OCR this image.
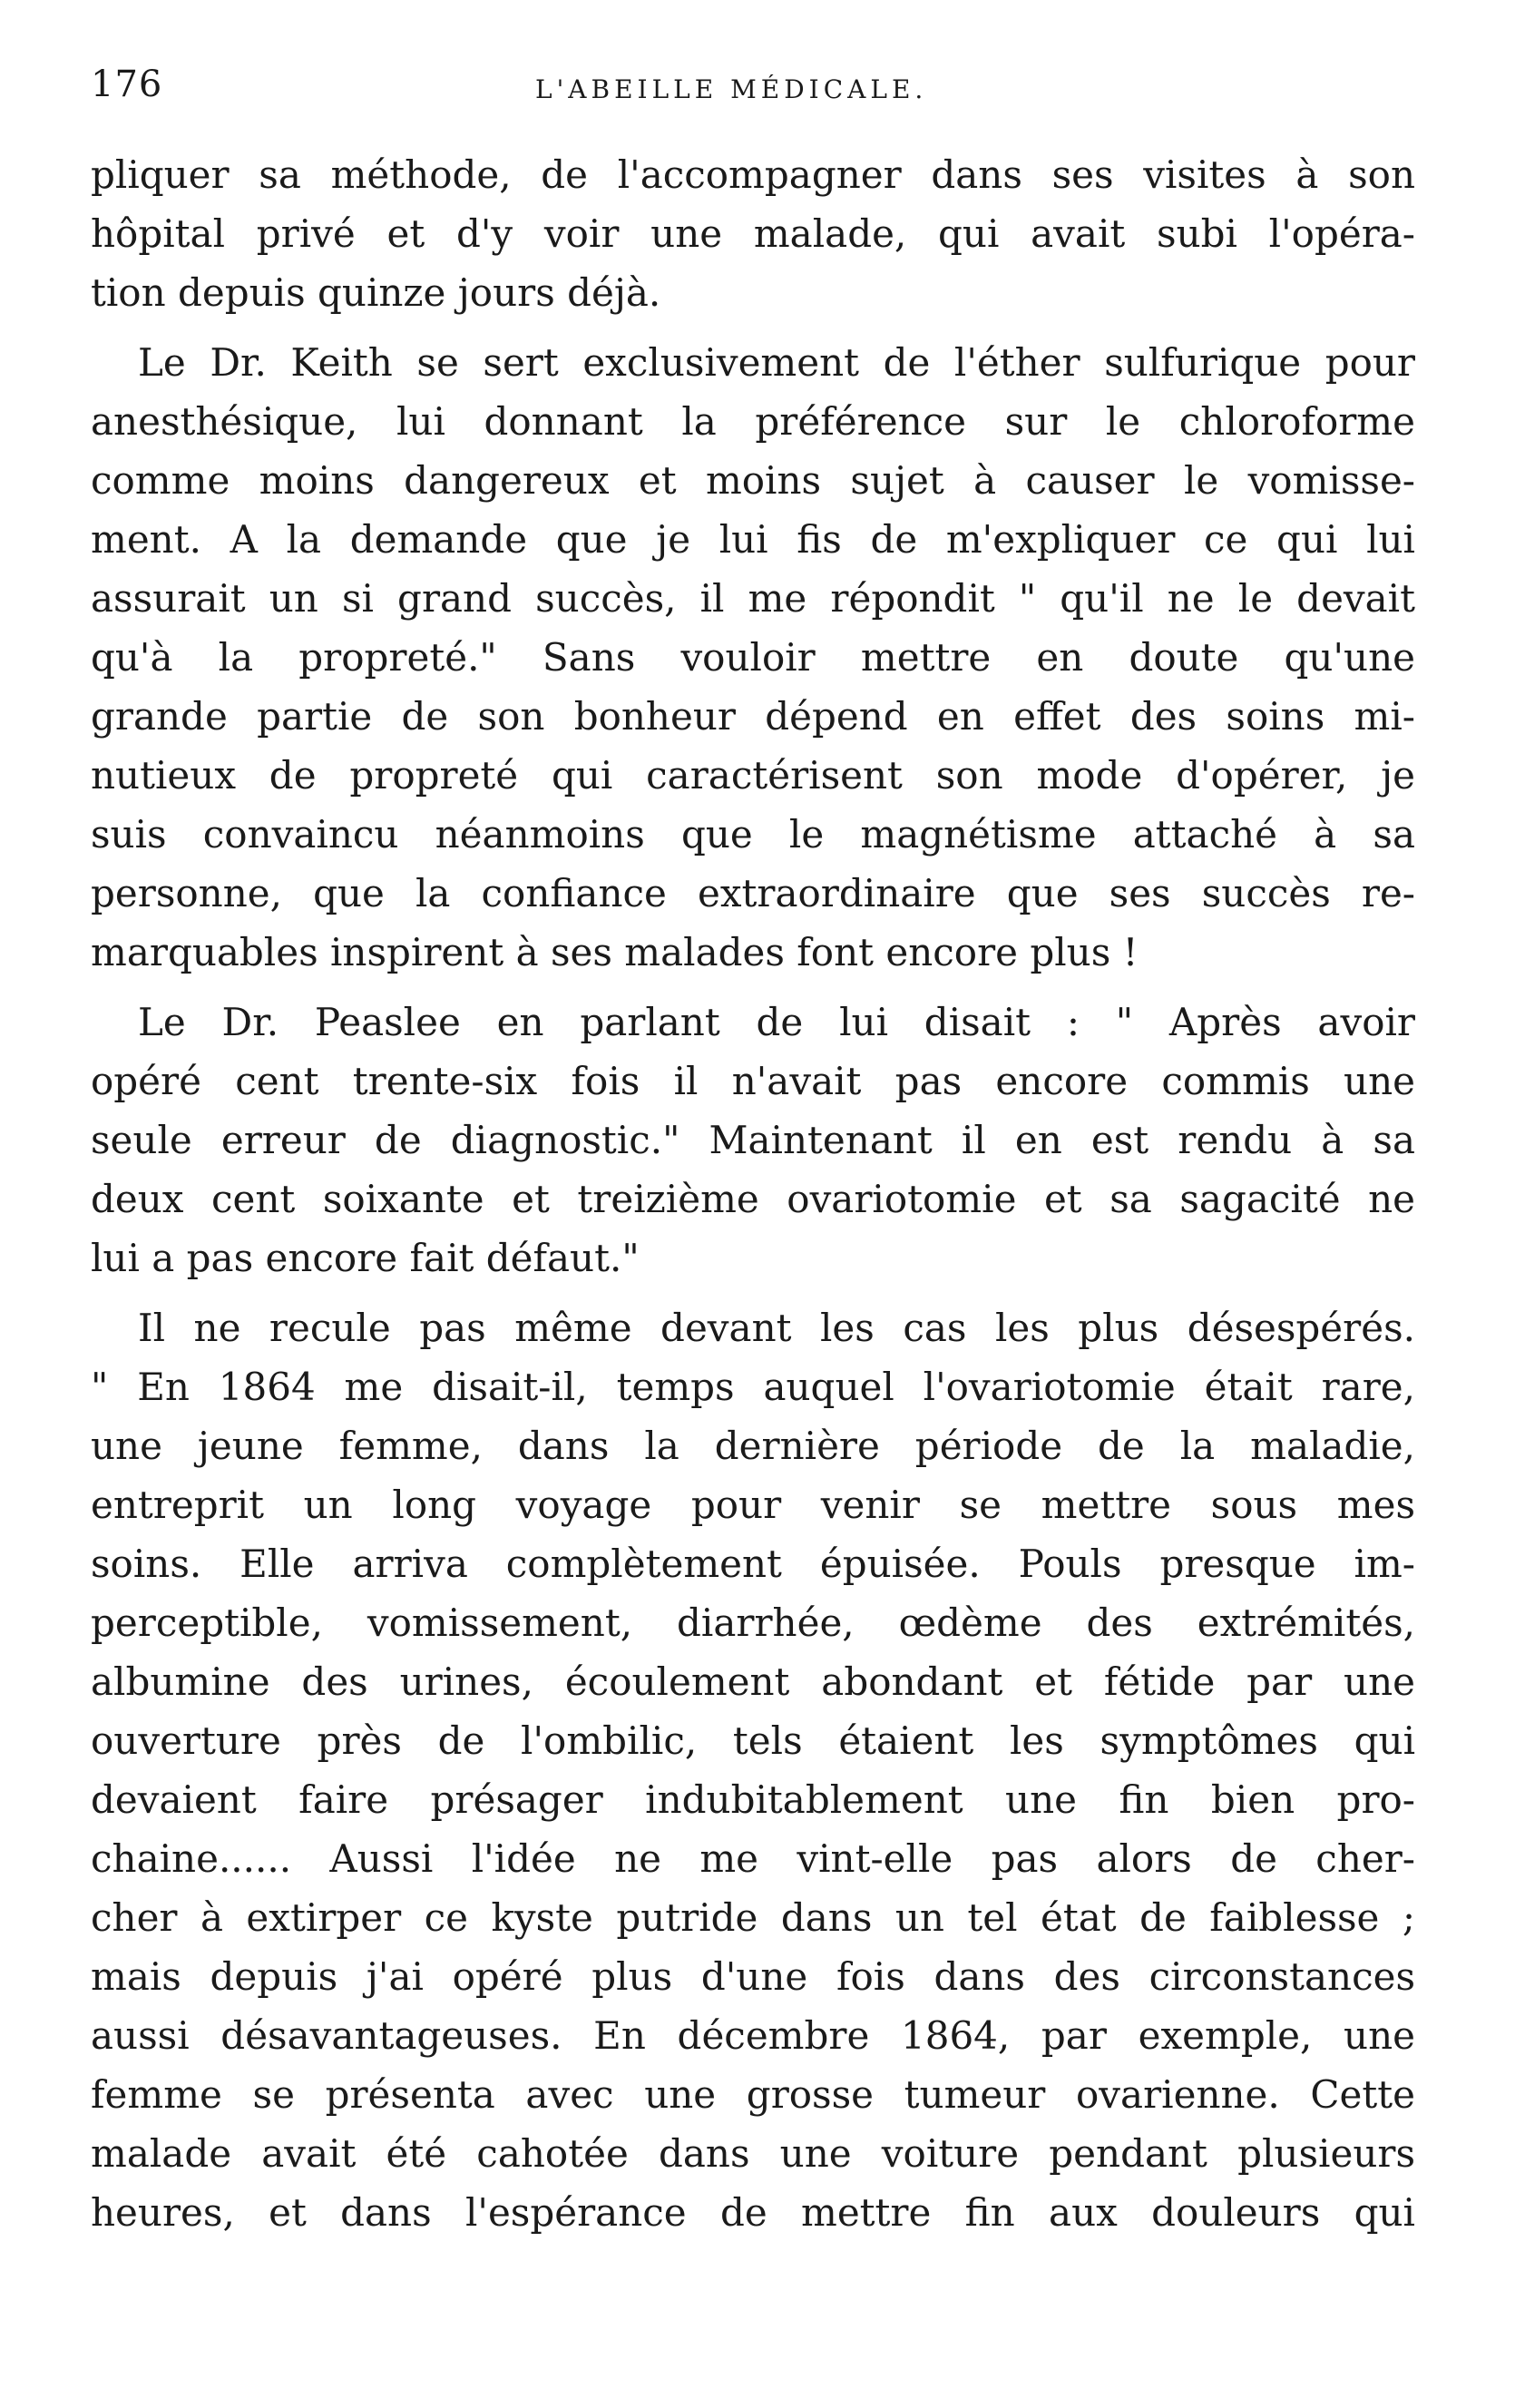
176	L'ABEILLE MÉDICALE.
pliquer sa méthode, de l'accompagner dans ses visites à son
hôpital privé et d'y voir une malade, qui avait subi l'opéra-
tion depuis quinze jours déjà.
Le Dr. Keith se sert exclusivement de l'éther sulfurique pour
anesthésique, lui donnant la préférence sur le chloroforme
comme moins dangereux et moins sujet à causer le vomisse-
ment. A la demande que je lui fis de m'expliquer ce qui lui
assurait un si grand succès, il me répondit " qu'il ne le devait
qu'à la propreté." Sans vouloir mettre en doute qu'une
grande partie de son bonheur dépend en effet des soins mi-
nutieux de propreté qui caractérisent son mode d'opérer, je
suis convaincu néanmoins que le magnétisme attaché à sa
personne, que la confiance extraordinaire que ses succès re-
marquables inspirent à ses malades font encore plus !
Le Dr. Peaslee en parlant de lui disait : " Après avoir
opéré cent trente-six fois il n'avait pas encore commis une
seule erreur de diagnostic." Maintenant il en est rendu à sa
deux cent soixante et treizième ovariotomie et sa sagacité ne
lui a pas encore fait défaut."
Il ne recule pas même devant les cas les plus désespérés.
" En 1864 me disait-il, temps auquel l'ovariotomie était rare,
une jeune femme, dans la dernière période de la maladie,
entreprit un long voyage pour venir se mettre sous mes
soins. Elle arriva complètement épuisée. Pouls presque im-
perceptible, vomissement, diarrhée, œdème des extrémités,
albumine des urines, écoulement abondant et fétide par une
ouverture près de l'ombilic, tels étaient les symptômes qui
devaient faire présager indubitablement une fin bien pro-
chaine...... Aussi l'idée ne me vint-elle pas alors de cher-
cher à extirper ce kyste putride dans un tel état de faiblesse ;
mais depuis j'ai opéré plus d'une fois dans des circonstances
aussi désavantageuses. En décembre 1864, par exemple, une
femme se présenta avec une grosse tumeur ovarienne. Cette
malade avait été cahotée dans une voiture pendant plusieurs
heures, et dans l'espérance de mettre fin aux douleurs qui
